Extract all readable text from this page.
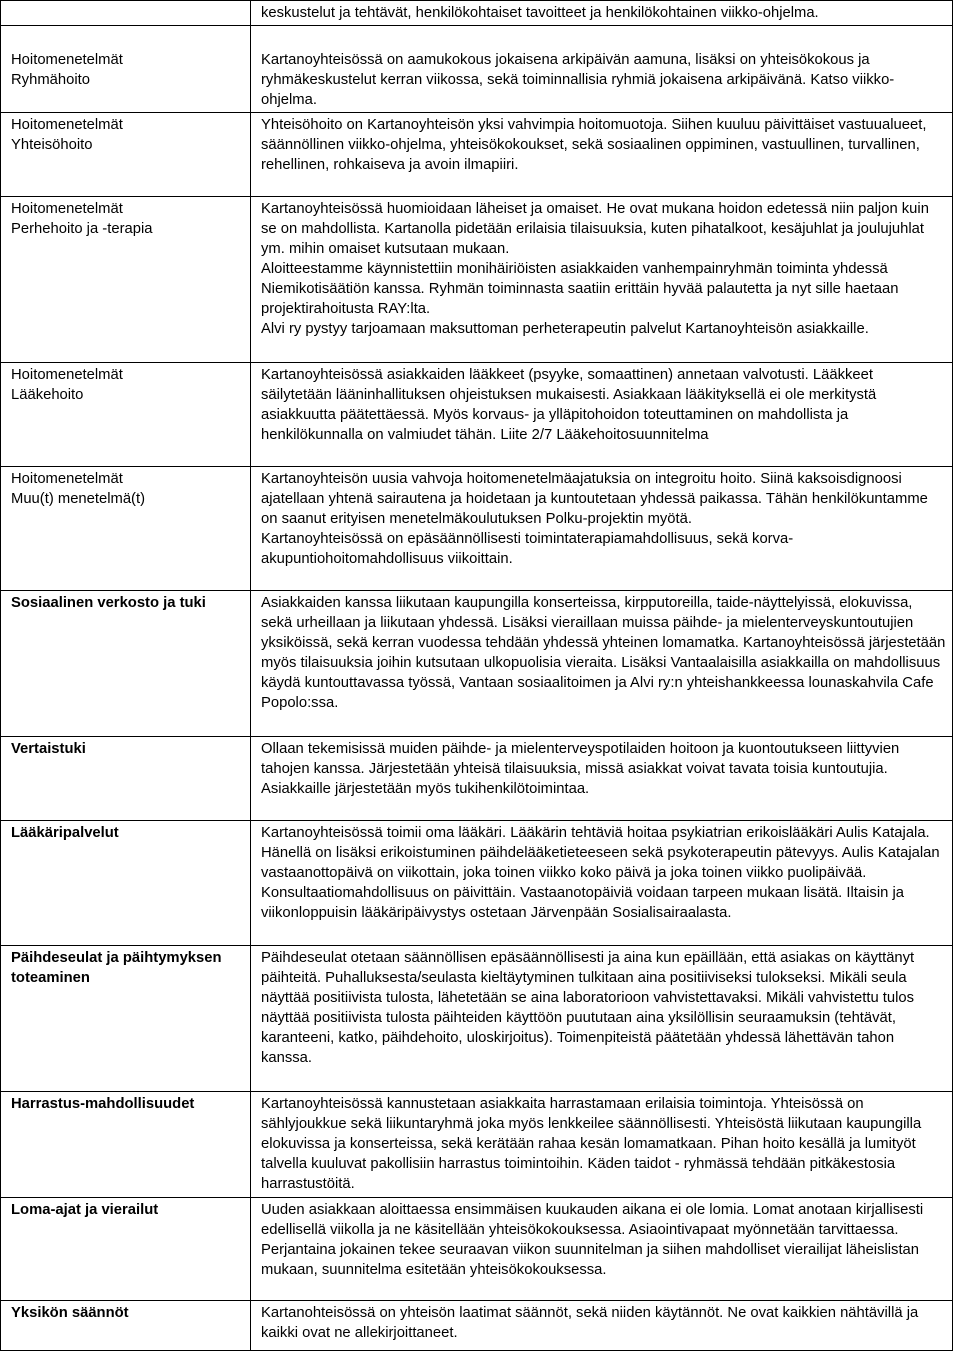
	keskustelut ja tehtävät, henkilökohtaiset tavoitteet ja henkilökohtainen viikko-ohjelma.

Hoitomenetelmät
Ryhmähoito	Kartanoyhteisössä on aamukokous jokaisena arkipäivän aamuna, lisäksi on yhteisökokous ja ryhmäkeskustelut kerran viikossa, sekä toiminnallisia ryhmiä jokaisena arkipäivänä. Katso viikko-ohjelma.

Hoitomenetelmät
Yhteisöhoito	Yhteisöhoito on Kartanoyhteisön yksi vahvimpia hoitomuotoja. Siihen kuuluu päivittäiset vastuualueet, säännöllinen viikko-ohjelma, yhteisökokoukset, sekä sosiaalinen oppiminen, vastuullinen, turvallinen, rehellinen, rohkaiseva ja avoin ilmapiiri.

Hoitomenetelmät
Perhehoito ja -terapia	Kartanoyhteisössä huomioidaan läheiset ja omaiset. He ovat mukana hoidon edetessä niin paljon kuin se on mahdollista. Kartanolla pidetään erilaisia tilaisuuksia, kuten pihatalkoot, kesäjuhlat ja joulujuhlat ym. mihin omaiset kutsutaan mukaan.
Aloitteestamme käynnistettiin monihäiriöisten asiakkaiden vanhempainryhmän toiminta yhdessä Niemikotisäätiön kanssa. Ryhmän toiminnasta saatiin erittäin hyvää palautetta ja nyt sille haetaan projektirahoitusta RAY:lta.
Alvi ry pystyy tarjoamaan maksuttoman perheterapeutin palvelut Kartanoyhteisön asiakkaille.

Hoitomenetelmät
Lääkehoito	Kartanoyhteisössä asiakkaiden lääkkeet (psyyke, somaattinen) annetaan valvotusti. Lääkkeet säilytetään lääninhallituksen ohjeistuksen mukaisesti. Asiakkaan lääkityksellä ei ole merkitystä asiakkuutta päätettäessä. Myös korvaus- ja ylläpitohoidon toteuttaminen on mahdollista ja henkilökunnalla on valmiudet tähän. Liite 2/7 Lääkehoitosuunnitelma

Hoitomenetelmät
Muu(t) menetelmä(t)	Kartanoyhteisön uusia vahvoja hoitomenetelmäajatuksia on integroitu hoito. Siinä kaksoisdignoosi ajatellaan yhtenä sairautena ja hoidetaan ja kuntoutetaan yhdessä paikassa. Tähän henkilökuntamme on saanut erityisen menetelmäkoulutuksen Polku-projektin myötä.
Kartanoyhteisössä on epäsäännöllisesti toimintaterapiamahdollisuus, sekä korva-akupuntiohoitomahdollisuus viikoittain.

Sosiaalinen verkosto ja tuki	Asiakkaiden kanssa liikutaan kaupungilla konserteissa, kirpputoreilla, taide-näyttelyissä, elokuvissa, sekä urheillaan ja liikutaan yhdessä. Lisäksi vieraillaan muissa päihde- ja mielenterveyskuntoutujien yksiköissä, sekä kerran vuodessa tehdään yhdessä yhteinen lomamatka. Kartanoyhteisössä järjestetään myös tilaisuuksia joihin kutsutaan ulkopuolisia vieraita. Lisäksi Vantaalaisilla asiakkailla on mahdollisuus käydä kuntouttavassa työssä, Vantaan sosiaalitoimen ja Alvi ry:n yhteishankkeessa lounaskahvila Cafe Popolo:ssa.

Vertaistuki	Ollaan tekemisissä muiden päihde- ja mielenterveyspotilaiden hoitoon ja kuontoutukseen liittyvien tahojen kanssa. Järjestetään yhteisä tilaisuuksia, missä asiakkat voivat tavata toisia kuntoutujia. Asiakkaille järjestetään myös tukihenkilötoimintaa.

Lääkäripalvelut	Kartanoyhteisössä toimii oma lääkäri. Lääkärin tehtäviä hoitaa psykiatrian erikoislääkäri Aulis Katajala. Hänellä on lisäksi erikoistuminen päihdelääketieteeseen sekä psykoterapeutin pätevyys. Aulis Katajalan vastaanottopäivä on viikottain, joka toinen viikko koko päivä ja joka toinen viikko puolipäivää. Konsultaatiomahdollisuus on päivittäin. Vastaanotopäiviä voidaan tarpeen mukaan lisätä. Iltaisin ja viikonloppuisin lääkäripäivystys ostetaan Järvenpään Sosialisairaalasta.

Päihdeseulat ja päihtymyksen toteaminen	Päihdeseulat otetaan säännöllisen epäsäännöllisesti ja aina kun epäillään, että asiakas on käyttänyt päihteitä. Puhalluksesta/seulasta kieltäytyminen tulkitaan aina positiiviseksi tulokseksi. Mikäli seula näyttää positiivista tulosta, lähetetään se aina laboratorioon vahvistettavaksi. Mikäli vahvistettu tulos näyttää positiivista tulosta päihteiden käyttöön puututaan aina yksilöllisin seuraamuksin (tehtävät, karanteeni, katko, päihdehoito, uloskirjoitus). Toimenpiteistä päätetään yhdessä lähettävän tahon kanssa.

Harrastus-mahdollisuudet	Kartanoyhteisössä kannustetaan asiakkaita harrastamaan erilaisia toimintoja. Yhteisössä on sählyjoukkue sekä liikuntaryhmä joka myös lenkkeilee säännöllisesti. Yhteisöstä liikutaan kaupungilla elokuvissa ja konserteissa, sekä kerätään rahaa kesän lomamatkaan. Pihan hoito kesällä ja lumityöt talvella kuuluvat pakollisiin harrastus toimintoihin. Käden taidot - ryhmässä tehdään pitkäkestosia harrastustöitä.

Loma-ajat ja vierailut	Uuden asiakkaan aloittaessa ensimmäisen kuukauden aikana ei ole lomia. Lomat anotaan kirjallisesti edellisellä viikolla ja ne käsitellään yhteisökokouksessa. Asiaointivapaat myönnetään tarvittaessa. Perjantaina jokainen tekee seuraavan viikon suunnitelman ja siihen mahdolliset vierailijat läheislistan mukaan, suunnitelma esitetään yhteisökokouksessa.

Yksikön säännöt	Kartanohteisössä on yhteisön laatimat säännöt, sekä niiden käytännöt. Ne ovat kaikkien nähtävillä ja kaikki ovat ne allekirjoittaneet.
